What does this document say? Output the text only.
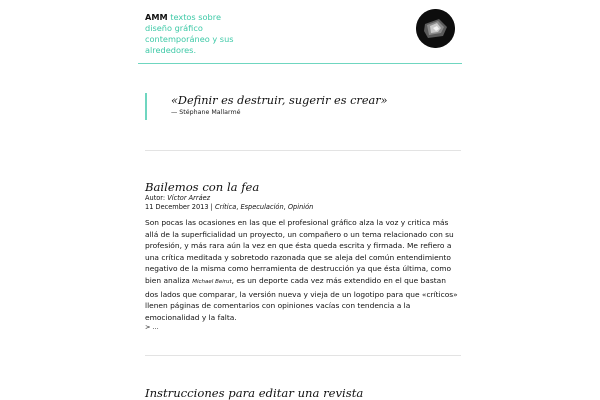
AMM textos sobre diseño gráfico contemporáneo y sus alrededores.
«Definir es destruir, sugerir es crear»
— Stéphane Mallarmé
Bailemos con la fea
Autor: Víctor Arráez
11 December 2013 | Crítica, Especulación, Opinión
Son pocas las ocasiones en las que el profesional gráfico alza la voz y critica más allá de la superficialidad un proyecto, un compañero o un tema relacionado con su profesión, y más rara aún la vez en que ésta queda escrita y firmada. Me refiero a una crítica meditada y sobretodo razonada que se aleja del común entendimiento negativo de la misma como herramienta de destrucción ya que ésta última, como bien analiza Michael Beirut, es un deporte cada vez más extendido en el que bastan dos lados que comparar, la versión nueva y vieja de un logotipo para que «críticos» llenen páginas de comentarios con opiniones vacías con tendencia a la emocionalidad y la falta.
> …
Instrucciones para editar una revista
